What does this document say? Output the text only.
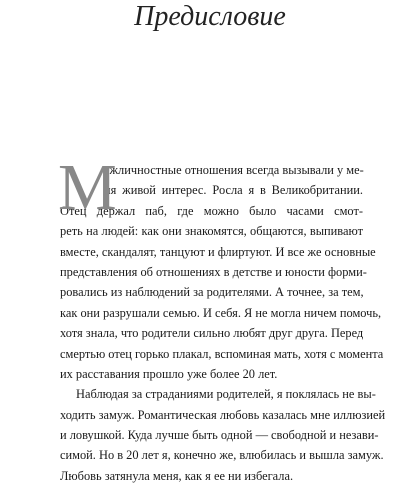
Предисловие
М
ежличностные отношения всегда вызывали у ме-
ня живой интерес. Росла я в Великобритании.
Отец держал паб, где можно было часами смот-
реть на людей: как они знакомятся, общаются, выпивают
вместе, скандалят, танцуют и флиртуют. И все же основные
представления об отношениях в детстве и юности форми-
ровались из наблюдений за родителями. А точнее, за тем,
как они разрушали семью. И себя. Я не могла ничем помочь,
хотя знала, что родители сильно любят друг друга. Перед
смертью отец горько плакал, вспоминая мать, хотя с момента
их расставания прошло уже более 20 лет.
Наблюдая за страданиями родителей, я поклялась не вы-
ходить замуж. Романтическая любовь казалась мне иллюзией
и ловушкой. Куда лучше быть одной — свободной и незави-
симой. Но в 20 лет я, конечно же, влюбилась и вышла замуж.
Любовь затянула меня, как я ее ни избегала.
